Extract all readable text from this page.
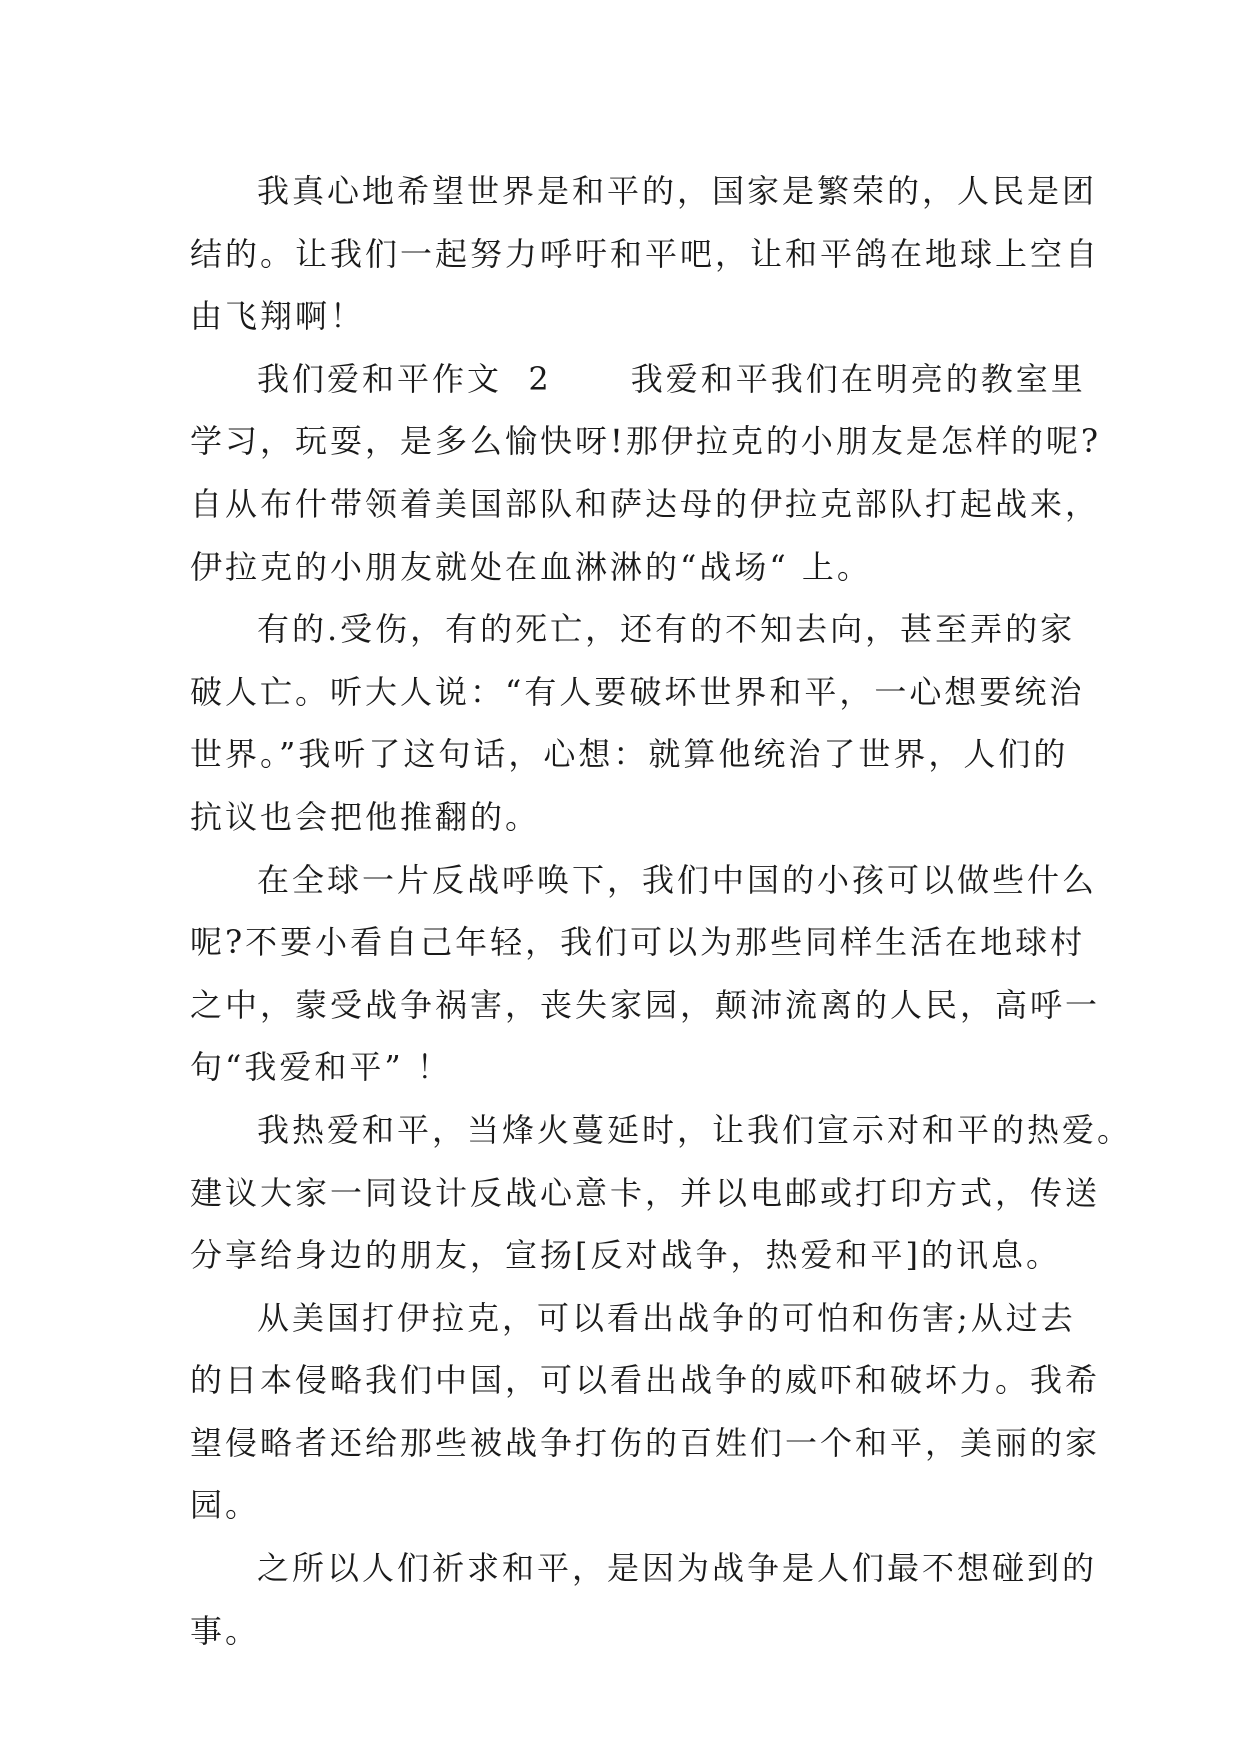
我真心地希望世界是和平的，国家是繁荣的，人民是团
结的。让我们一起努力呼吁和平吧，让和平鸽在地球上空自
由飞翔啊！

我们爱和平作文  2      我爱和平我们在明亮的教室里
学习，玩耍，是多么愉快呀!那伊拉克的小朋友是怎样的呢?
自从布什带领着美国部队和萨达母的伊拉克部队打起战来，
伊拉克的小朋友就处在血淋淋的“战场“ 上。

有的.受伤，有的死亡，还有的不知去向，甚至弄的家
破人亡。听大人说：“有人要破坏世界和平，一心想要统治
世界。”我听了这句话，心想：就算他统治了世界，人们的
抗议也会把他推翻的。

在全球一片反战呼唤下，我们中国的小孩可以做些什么
呢?不要小看自己年轻，我们可以为那些同样生活在地球村
之中，蒙受战争祸害，丧失家园，颠沛流离的人民，高呼一
句“我爱和平” ！

我热爱和平，当烽火蔓延时，让我们宣示对和平的热爱。
建议大家一同设计反战心意卡，并以电邮或打印方式，传送
分享给身边的朋友，宣扬[反对战争，热爱和平]的讯息。

从美国打伊拉克，可以看出战争的可怕和伤害;从过去
的日本侵略我们中国，可以看出战争的威吓和破坏力。我希
望侵略者还给那些被战争打伤的百姓们一个和平，美丽的家
园。

之所以人们祈求和平，是因为战争是人们最不想碰到的
事。
